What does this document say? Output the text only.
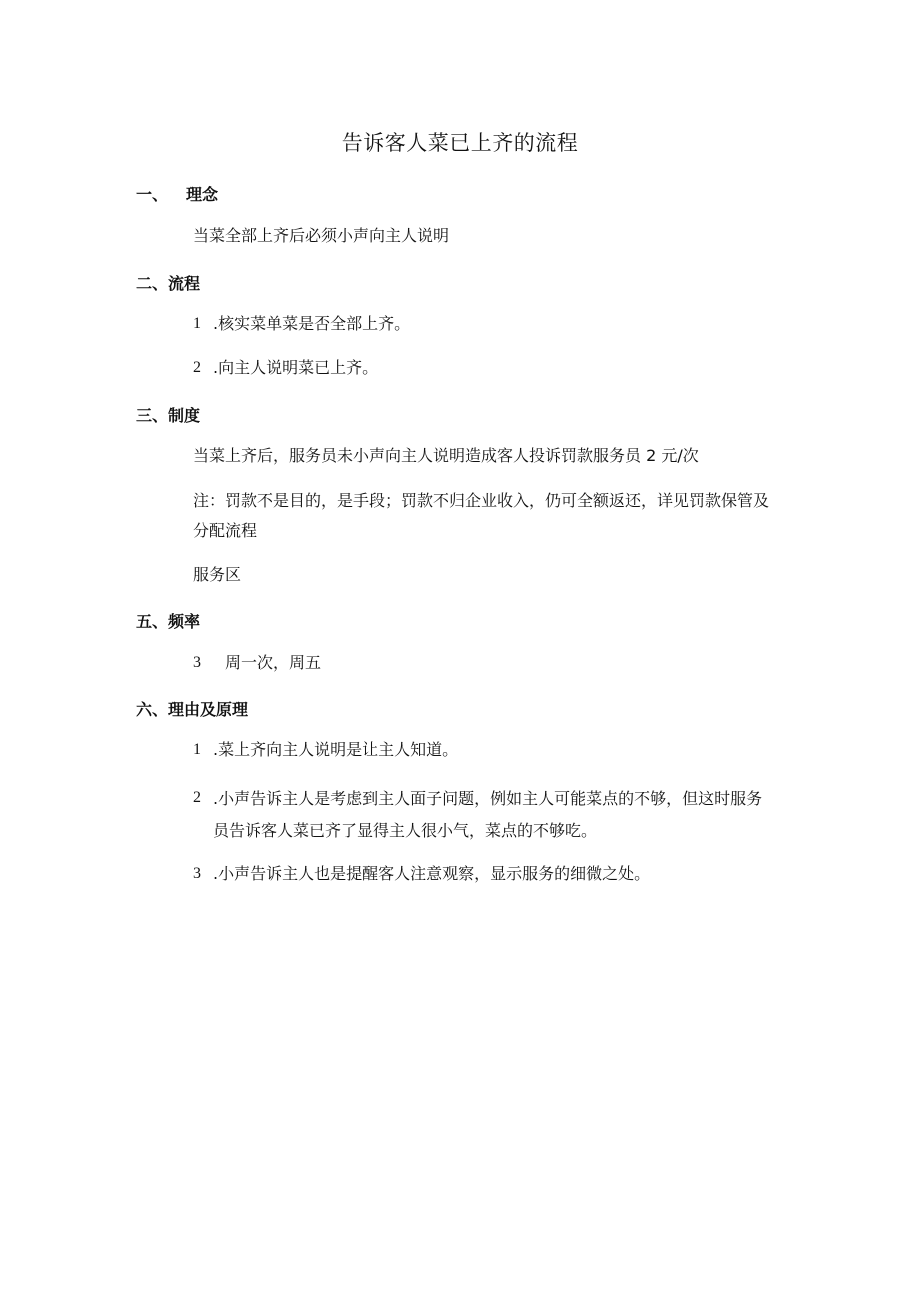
告诉客人菜已上齐的流程
一、 理念
当菜全部上齐后必须小声向主人说明
二、流程
1 .核实菜单菜是否全部上齐。
2 .向主人说明菜已上齐。
三、制度
当菜上齐后，服务员未小声向主人说明造成客人投诉罚款服务员 2 元/次
注：罚款不是目的，是手段；罚款不归企业收入，仍可全额返还，详见罚款保管及分配流程
服务区
五、频率
3 周一次，周五
六、理由及原理
1 .菜上齐向主人说明是让主人知道。
2 .小声告诉主人是考虑到主人面子问题，例如主人可能菜点的不够，但这时服务员告诉客人菜已齐了显得主人很小气，菜点的不够吃。
3 .小声告诉主人也是提醒客人注意观察，显示服务的细微之处。
